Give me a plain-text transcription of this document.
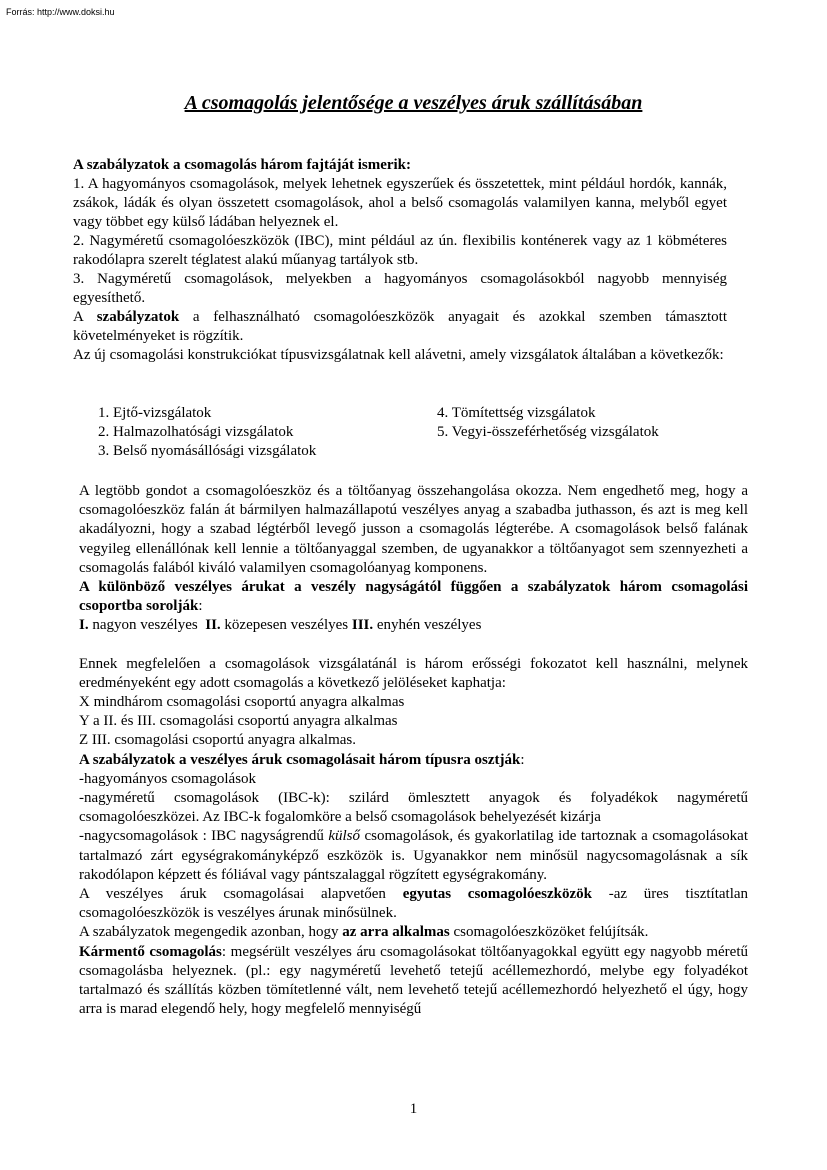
Forrás: http://www.doksi.hu
A csomagolás jelentősége a veszélyes áruk szállításában

A szabályzatok a csomagolás három fajtáját ismerik:

1. A hagyományos csomagolások, melyek lehetnek egyszerűek és összetettek, mint például hordók, kannák, zsákok, ládák és olyan összetett csomagolások, ahol a belső csomagolás valamilyen kanna, melyből egyet vagy többet egy külső ládában helyeznek el.

2. Nagyméretű csomagolóeszközök (IBC), mint például az ún. flexibilis konténerek vagy az 1 köbméteres rakodólapra szerelt téglatest alakú műanyag tartályok stb.

3. Nagyméretű csomagolások, melyekben a hagyományos csomagolásokból nagyobb mennyiség egyesíthető.

A szabályzatok a felhasználható csomagolóeszközök anyagait és azokkal szemben támasztott követelményeket is rögzítik.

Az új csomagolási konstrukciókat típusvizsgálatnak kell alávetni, amely vizsgálatok általában a következők:

1. Ejtő-vizsgálatok
2. Halmazolhatósági vizsgálatok
3. Belső nyomásállósági vizsgálatok
4. Tömítettség vizsgálatok
5. Vegyi-összeférhetőség vizsgálatok

A legtöbb gondot a csomagolóeszköz és a töltőanyag összehangolása okozza. Nem engedhető meg, hogy a csomagolóeszköz falán át bármilyen halmazállapotú veszélyes anyag a szabadba juthasson, és azt is meg kell akadályozni, hogy a szabad légtérből levegő jusson a csomagolás légterébe. A csomagolások belső falának vegyileg ellenállónak kell lennie a töltőanyaggal szemben, de ugyanakkor a töltőanyagot sem szennyezheti a csomagolás falából kiváló valamilyen csomagolóanyag komponens.

A különböző veszélyes árukat a veszély nagyságától függően a szabályzatok három csomagolási csoportba sorolják:

I. nagyon veszélyes II. közepesen veszélyes III. enyhén veszélyes

Ennek megfelelően a csomagolások vizsgálatánál is három erősségi fokozatot kell használni, melynek eredményeként egy adott csomagolás a következő jelöléseket kaphatja:

X mindhárom csomagolási csoportú anyagra alkalmas

Y a II. és III. csomagolási csoportú anyagra alkalmas

Z III. csomagolási csoportú anyagra alkalmas.

A szabályzatok a veszélyes áruk csomagolásait három típusra osztják:

-hagyományos csomagolások

-nagyméretű csomagolások (IBC-k): szilárd ömlesztett anyagok és folyadékok nagyméretű csomagolóeszközei. Az IBC-k fogalomköre a belső csomagolások behelyezését kizárja

-nagycsomagolások : IBC nagyságrendű külső csomagolások, és gyakorlatilag ide tartoznak a csomagolásokat tartalmazó zárt egységrakományképző eszközök is. Ugyanakkor nem minősül nagycsomagolásnak a sík rakodólapon képzett és fóliával vagy pántszalaggal rögzített egységrakomány.

A veszélyes áruk csomagolásai alapvetően egyutas csomagolóeszközök -az üres tisztítatlan csomagolóeszközök is veszélyes árunak minősülnek.

A szabályzatok megengedik azonban, hogy az arra alkalmas csomagolóeszközöket felújítsák.

Kármentő csomagolás: megsérült veszélyes áru csomagolásokat töltőanyagokkal együtt egy nagyobb méretű csomagolásba helyeznek. (pl.: egy nagyméretű levehető tetejű acéllemezhordó, melybe egy folyadékot tartalmazó és szállítás közben tömítetlenné vált, nem levehető tetejű acéllemezhordó helyezhető el úgy, hogy arra is marad elegendő hely, hogy megfelelő mennyiségű

1
